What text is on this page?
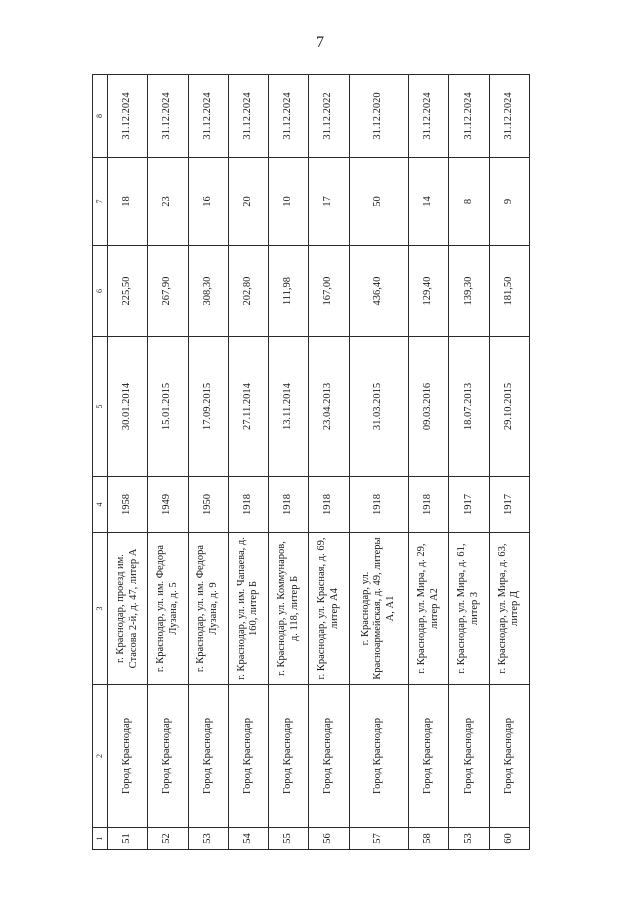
7
1	2	3	4	5	6	7	8
51	Город Краснодар	г. Краснодар, проезд им. Стасова 2-й, д. 47, литер А	1958	30.01.2014	225,50	18	31.12.2024
52	Город Краснодар	г. Краснодар, ул. им. Федора Лузана, д. 5	1949	15.01.2015	267,90	23	31.12.2024
53	Город Краснодар	г. Краснодар, ул. им. Федора Лузана, д. 9	1950	17.09.2015	308,30	16	31.12.2024
54	Город Краснодар	г. Краснодар, ул. им. Чапаева, д. 160, литер Б	1918	27.11.2014	202,80	20	31.12.2024
55	Город Краснодар	г. Краснодар, ул. Коммунаров, д. 118, литер Б	1918	13.11.2014	111,98	10	31.12.2024
56	Город Краснодар	г. Краснодар, ул. Красная, д. 69, литер А4	1918	23.04.2013	167,00	17	31.12.2022
57	Город Краснодар	г. Краснодар, ул. Красноармейская, д. 49, литеры А, А1	1918	31.03.2015	436,40	50	31.12.2020
58	Город Краснодар	г. Краснодар, ул. Мира, д. 29, литер А2	1918	09.03.2016	129,40	14	31.12.2024
53	Город Краснодар	г. Краснодар, ул. Мира, д. 61, литер З	1917	18.07.2013	139,30	8	31.12.2024
60	Город Краснодар	г. Краснодар, ул. Мира, д. 63, литер Д	1917	29.10.2015	181,50	9	31.12.2024
